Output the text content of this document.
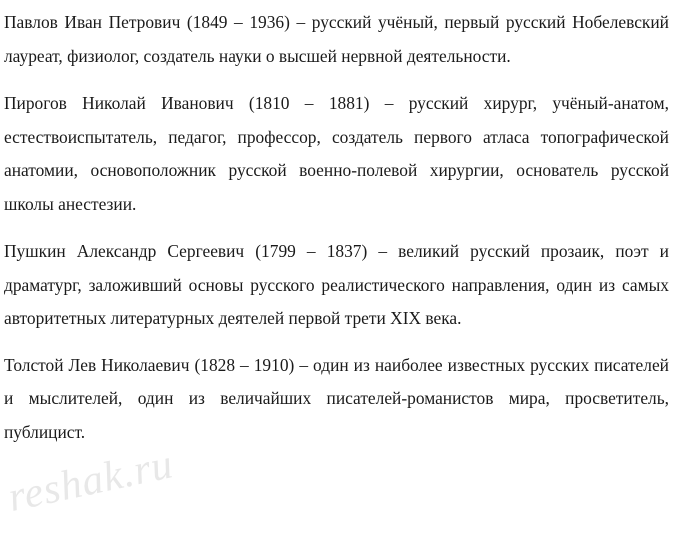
reshak.ru

Павлов Иван Петрович (1849 – 1936) – русский учёный, первый русский Нобелевский лауреат, физиолог, создатель науки о высшей нервной деятельности.

Пирогов Николай Иванович (1810 – 1881) – русский хирург, учёный-анатом, естествоиспытатель, педагог, профессор, создатель первого атласа топографической анатомии, основоположник русской военно-полевой хирургии, основатель русской школы анестезии.

Пушкин Александр Сергеевич (1799 – 1837) – великий русский прозаик, поэт и драматург, заложивший основы русского реалистического направления, один из самых авторитетных литературных деятелей первой трети XIX века.

Толстой Лев Николаевич (1828 – 1910) – один из наиболее известных русских писателей и мыслителей, один из величайших писателей-романистов мира, просветитель, публицист.
